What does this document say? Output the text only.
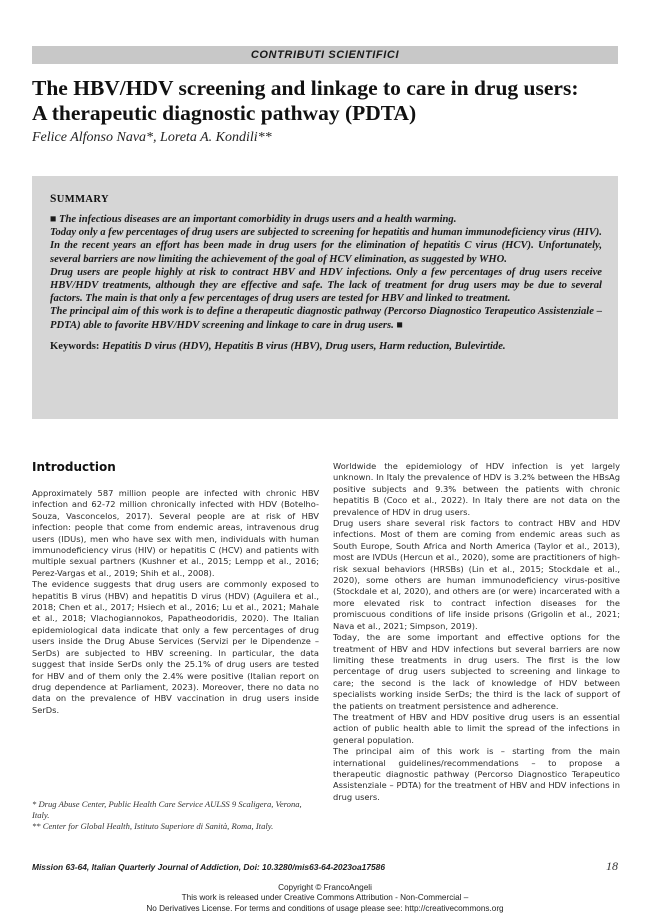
CONTRIBUTI SCIENTIFICI
The HBV/HDV screening and linkage to care in drug users:
A therapeutic diagnostic pathway (PDTA)
Felice Alfonso Nava*, Loreta A. Kondili**
SUMMARY

■ The infectious diseases are an important comorbidity in drugs users and a health warming.

Today only a few percentages of drug users are subjected to screening for hepatitis and human immunodeficiency virus (HIV).

In the recent years an effort has been made in drug users for the elimination of hepatitis C virus (HCV). Unfortunately, several barriers are now limiting the achievement of the goal of HCV elimination, as suggested by WHO.

Drug users are people highly at risk to contract HBV and HDV infections. Only a few percentages of drug users receive HBV/HDV treatments, although they are effective and safe. The lack of treatment for drug users may be due to several factors. The main is that only a few percentages of drug users are tested for HBV and linked to treatment.

The principal aim of this work is to define a therapeutic diagnostic pathway (Percorso Diagnostico Terapeutico Assistenziale – PDTA) able to favorite HBV/HDV screening and linkage to care in drug users. ■

Keywords: Hepatitis D virus (HDV), Hepatitis B virus (HBV), Drug users, Harm reduction, Bulevirtide.

Introduction

Approximately 587 million people are infected with chronic HBV infection and 62-72 million chronically infected with HDV (Botelho-Souza, Vasconcelos, 2017). Several people are at risk of HBV infection: people that come from endemic areas, intravenous drug users (IDUs), men who have sex with men, individuals with human immunodeficiency virus (HIV) or hepatitis C (HCV) and patients with multiple sexual partners (Kushner et al., 2015; Lempp et al., 2016; Perez-Vargas et al., 2019; Shih et al., 2008).

The evidence suggests that drug users are commonly exposed to hepatitis B virus (HBV) and hepatitis D virus (HDV) (Aguilera et al., 2018; Chen et al., 2017; Hsiech et al., 2016; Lu et al., 2021; Mahale et al., 2018; Vlachogiannokos, Papatheodoridis, 2020). The Italian epidemiological data indicate that only a few percentages of drug users inside the Drug Abuse Services (Servizi per le Dipendenze – SerDs) are subjected to HBV screening. In particular, the data suggest that inside SerDs only the 25.1% of drug users are tested for HBV and of them only the 2.4% were positive (Italian report on drug dependence at Parliament, 2023). Moreover, there no data no data on the prevalence of HBV vaccination in drug users inside SerDs.

Worldwide the epidemiology of HDV infection is yet largely unknown. In Italy the prevalence of HDV is 3.2% between the HBsAg positive subjects and 9.3% between the patients with chronic hepatitis B (Coco et al., 2022). In Italy there are not data on the prevalence of HDV in drug users.

Drug users share several risk factors to contract HBV and HDV infections. Most of them are coming from endemic areas such as South Europe, South Africa and North America (Taylor et al., 2013), most are IVDUs (Hercun et al., 2020), some are practitioners of high-risk sexual behaviors (HRSBs) (Lin et al., 2015; Stockdale et al., 2020), some others are human immunodeficiency virus-positive (Stockdale et al, 2020), and others are (or were) incarcerated with a more elevated risk to contract infection diseases for the promiscuous conditions of life inside prisons (Grigolin et al., 2021; Nava et al., 2021; Simpson, 2019).

Today, the are some important and effective options for the treatment of HBV and HDV infections but several barriers are now limiting these treatments in drug users. The first is the low percentage of drug users subjected to screening and linkage to care; the second is the lack of knowledge of HDV between specialists working inside SerDs; the third is the lack of support of the patients on treatment persistence and adherence.

The treatment of HBV and HDV positive drug users is an essential action of public health able to limit the spread of the infections in general population.

The principal aim of this work is – starting from the main international guidelines/recommendations – to propose a therapeutic diagnostic pathway (Percorso Diagnostico Terapeutico Assistenziale – PDTA) for the treatment of HBV and HDV infections in drug users.

* Drug Abuse Center, Public Health Care Service AULSS 9 Scaligera, Verona, Italy.

** Center for Global Health, Istituto Superiore di Sanità, Roma, Italy.

Mission 63-64, Italian Quarterly Journal of Addiction, Doi: 10.3280/mis63-64-2023oa17586	18
Copyright © FrancoAngeli
This work is released under Creative Commons Attribution - Non-Commercial –
No Derivatives License. For terms and conditions of usage please see: http://creativecommons.org
